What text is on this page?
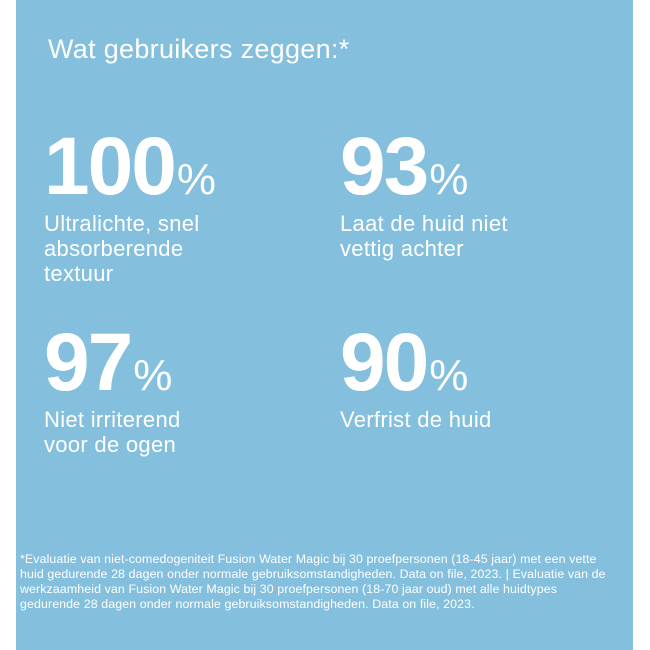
Wat gebruikers zeggen:*
100 %
Ultralichte, snel
absorberende
textuur
93 %
Laat de huid niet
vettig achter
97 %
Niet irriterend
voor de ogen
90 %
Verfrist de huid
*Evaluatie van niet-comedogeniteit Fusion Water Magic bij 30 proefpersonen (18-45 jaar) met een vette huid gedurende 28 dagen onder normale gebruiksomstandigheden. Data on file, 2023. | Evaluatie van de werkzaamheid van Fusion Water Magic bij 30 proefpersonen (18-70 jaar oud) met alle huidtypes gedurende 28 dagen onder normale gebruiksomstandigheden. Data on file, 2023.
